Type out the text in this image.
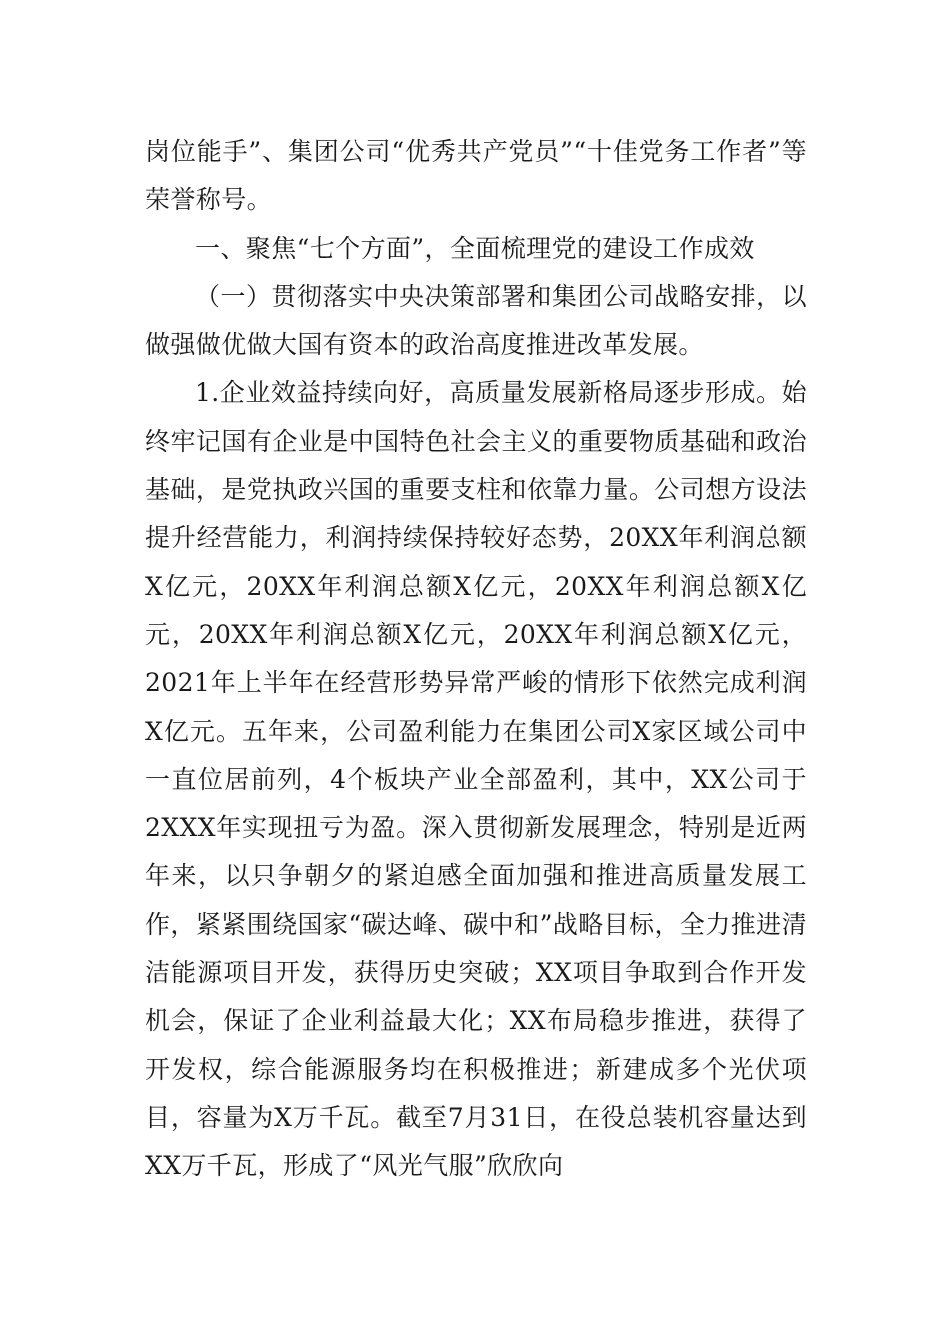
岗位能手”、集团公司“优秀共产党员”“十佳党务工作者”等荣誉称号。

一、聚焦“七个方面”，全面梳理党的建设工作成效

（一）贯彻落实中央决策部署和集团公司战略安排，以做强做优做大国有资本的政治高度推进改革发展。

1.企业效益持续向好，高质量发展新格局逐步形成。始终牢记国有企业是中国特色社会主义的重要物质基础和政治基础，是党执政兴国的重要支柱和依靠力量。公司想方设法提升经营能力，利润持续保持较好态势，20XX年利润总额X亿元，20XX年利润总额X亿元，20XX年利润总额X亿元，20XX年利润总额X亿元，20XX年利润总额X亿元，2021年上半年在经营形势异常严峻的情形下依然完成利润X亿元。五年来，公司盈利能力在集团公司X家区域公司中一直位居前列，4个板块产业全部盈利，其中，XX公司于2XXX年实现扭亏为盈。深入贯彻新发展理念，特别是近两年来，以只争朝夕的紧迫感全面加强和推进高质量发展工作，紧紧围绕国家“碳达峰、碳中和”战略目标，全力推进清洁能源项目开发，获得历史突破；XX项目争取到合作开发机会，保证了企业利益最大化；XX布局稳步推进，获得了开发权，综合能源服务均在积极推进；新建成多个光伏项目，容量为X万千瓦。截至7月31日，在役总装机容量达到XX万千瓦，形成了“风光气服”欣欣向
